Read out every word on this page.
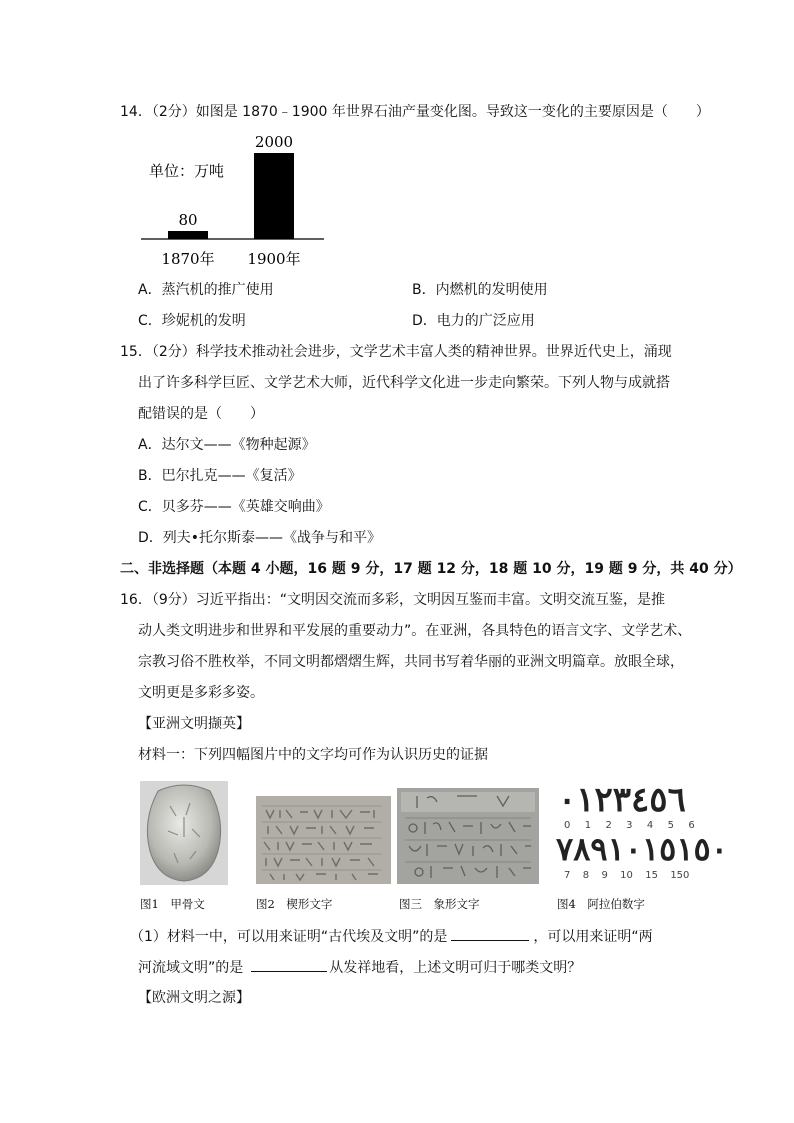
14．（2分）如图是 1870﹣1900 年世界石油产量变化图。导致这一变化的主要原因是（　　）
单位：万吨
80
1870年
2000
1900年
A．蒸汽机的推广使用	B．内燃机的发明使用
C．珍妮机的发明	D．电力的广泛应用
15．（2分）科学技术推动社会进步，文学艺术丰富人类的精神世界。世界近代史上，涌现
出了许多科学巨匠、文学艺术大师，近代科学文化进一步走向繁荣。下列人物与成就搭
配错误的是（　　）
A．达尔文——《物种起源》
B．巴尔扎克——《复活》
C．贝多芬——《英雄交响曲》
D．列夫•托尔斯泰——《战争与和平》
二、非选择题（本题 4 小题，16 题 9 分，17 题 12 分，18 题 10 分，19 题 9 分，共 40 分）
16．（9分）习近平指出：“文明因交流而多彩，文明因互鉴而丰富。文明交流互鉴，是推
动人类文明进步和世界和平发展的重要动力”。在亚洲，各具特色的语言文字、文学艺术、
宗教习俗不胜枚举，不同文明都熠熠生辉，共同书写着华丽的亚洲文明篇章。放眼全球，
文明更是多彩多姿。
【亚洲文明撷英】
材料一：下列四幅图片中的文字均可作为认识历史的证据
٠١٢٣٤٥٦
0  1  2  3  4  5  6
٧٨٩١٠١٥١٥٠
7  8  9  10  15  150
图1　甲骨文	图2　楔形文字	图三　象形文字	图4　阿拉伯数字
（1）材料一中，可以用来证明“古代埃及文明”的是	，可以用来证明“两
河流域文明”的是	从发祥地看，上述文明可归于哪类文明？
【欧洲文明之源】
